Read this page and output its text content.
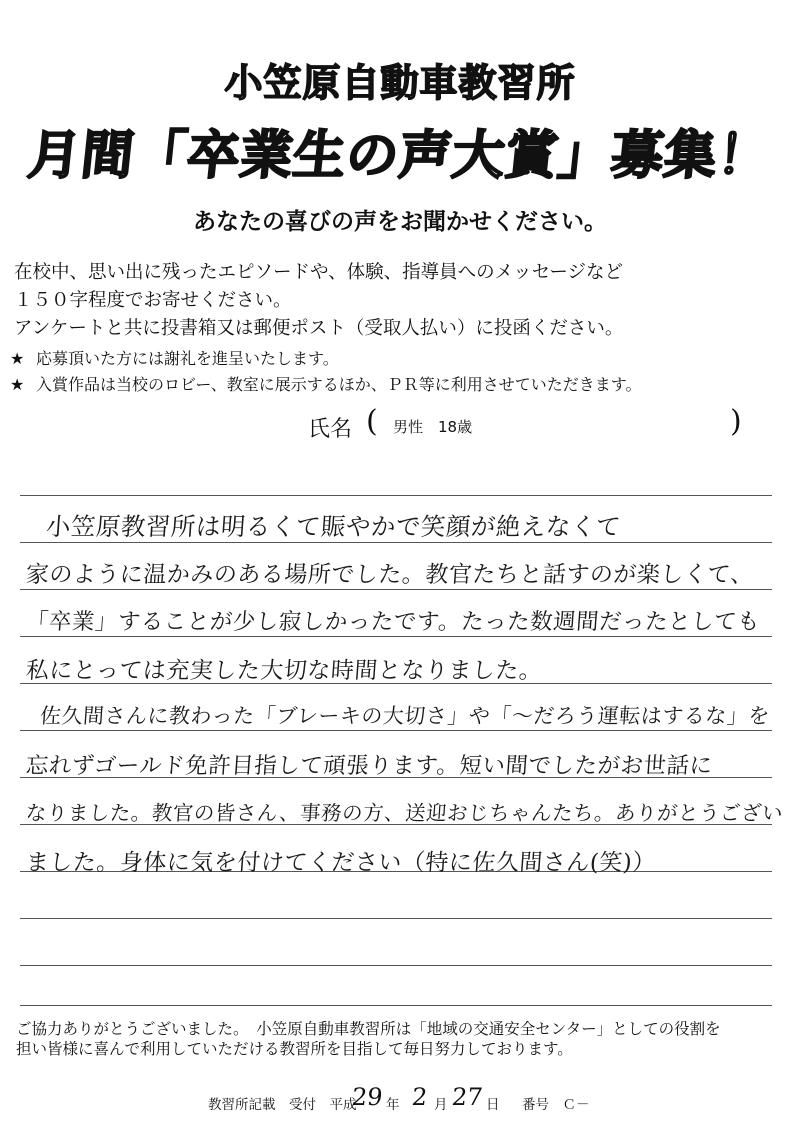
小笠原自動車教習所
月間「卒業生の声大賞」募集！
あなたの喜びの声をお聞かせください。
在校中、思い出に残ったエピソードや、体験、指導員へのメッセージなど
１５０字程度でお寄せください。
アンケートと共に投書箱又は郵便ポスト（受取人払い）に投函ください。
★ 応募頂いた方には謝礼を進呈いたします。
★ 入賞作品は当校のロビー、教室に展示するほか、ＰＲ等に利用させていただきます。
氏名 ( 男性　18歳	)
小笠原教習所は明るくて賑やかで笑顔が絶えなくて
家のように温かみのある場所でした。教官たちと話すのが楽しくて、
「卒業」することが少し寂しかったです。たった数週間だったとしても
私にとっては充実した大切な時間となりました。
佐久間さんに教わった「ブレーキの大切さ」や「～だろう運転はするな」を
忘れずゴールド免許目指して頑張ります。短い間でしたがお世話に
なりました。教官の皆さん、事務の方、送迎おじちゃんたち。ありがとうござい
ました。身体に気を付けてください（特に佐久間さん(笑)）
ご協力ありがとうございました。　小笠原自動車教習所は「地域の交通安全センター」としての役割を
担い皆様に喜んで利用していただける教習所を目指して毎日努力しております。
教習所記載　受付　平成
29 年 2 月 27 日 番号　Ｃ－
